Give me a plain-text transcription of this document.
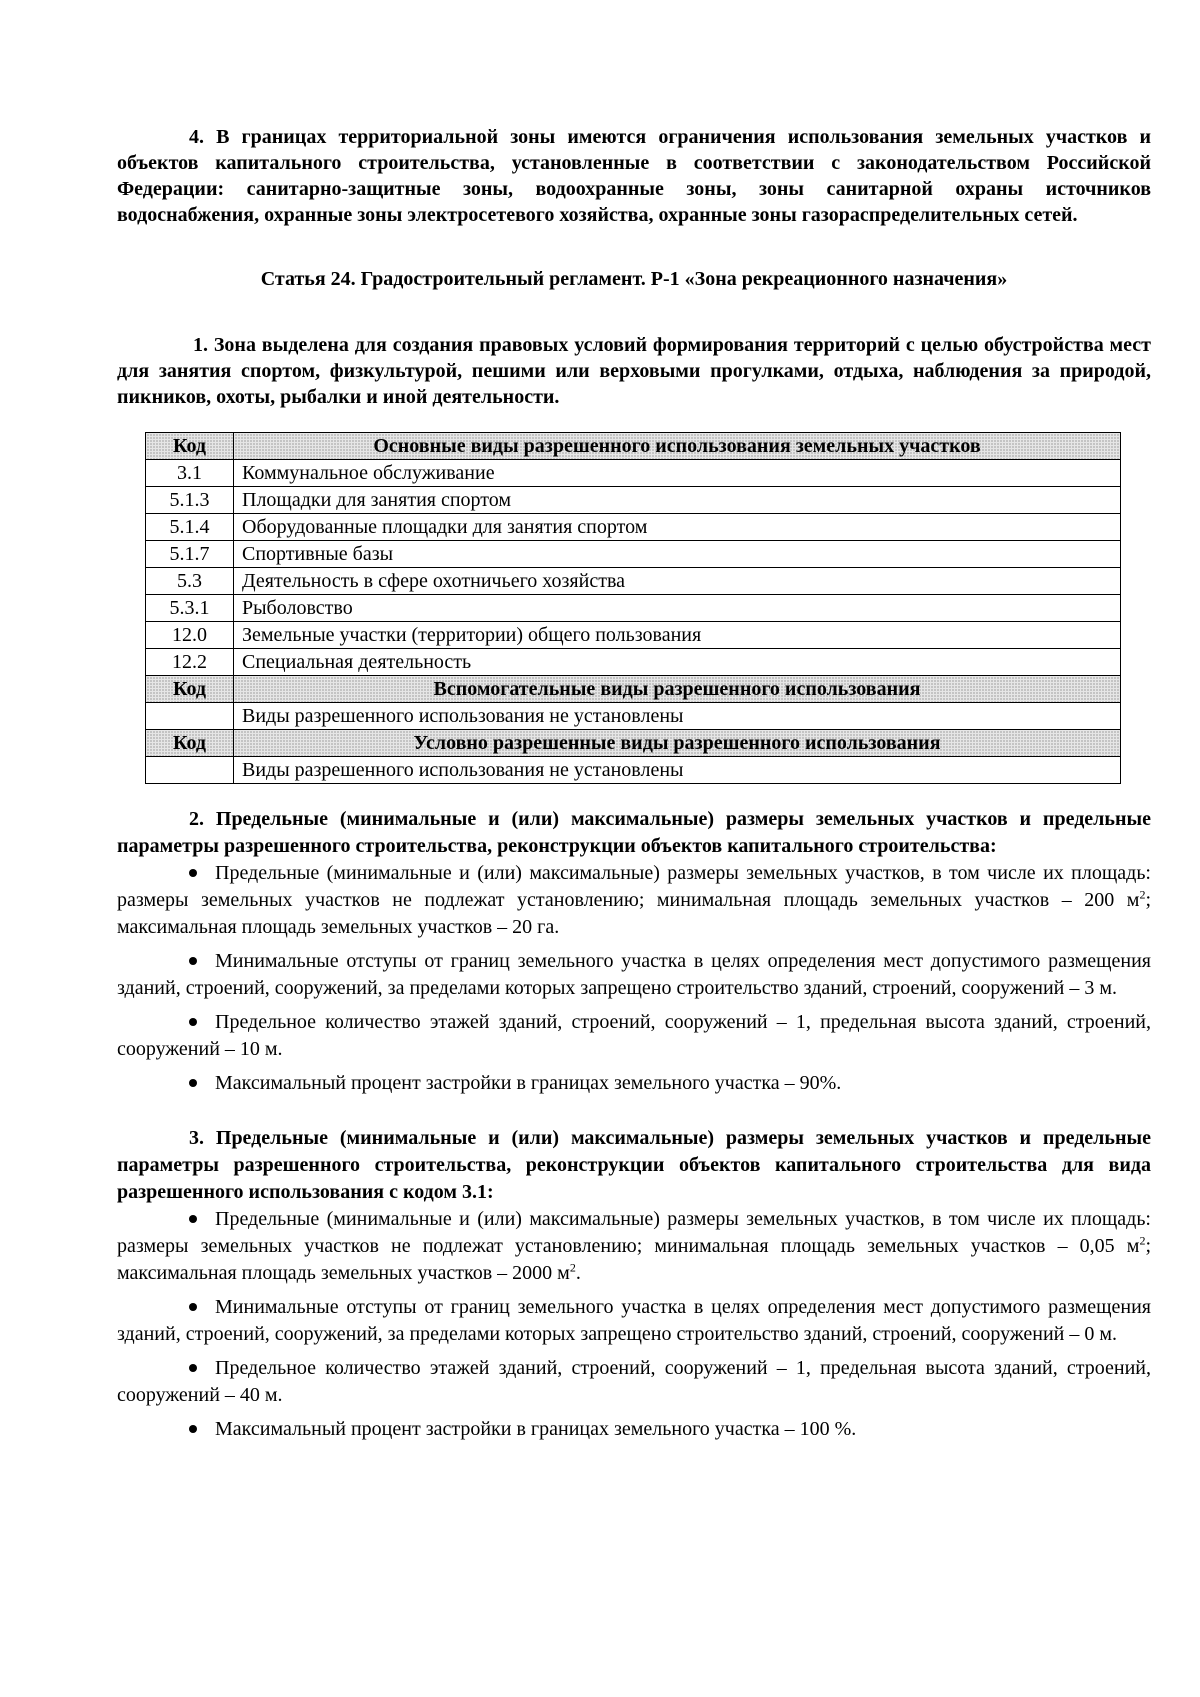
4. В границах территориальной зоны имеются ограничения использования земельных участков и объектов капитального строительства, установленные в соответствии с законодательством Российской Федерации: санитарно-защитные зоны, водоохранные зоны, зоны санитарной охраны источников водоснабжения, охранные зоны электросетевого хозяйства, охранные зоны газораспределительных сетей.

Статья 24. Градостроительный регламент. Р-1 «Зона рекреационного назначения»

1. Зона выделена для создания правовых условий формирования территорий с целью обустройства мест для занятия спортом, физкультурой, пешими или верховыми прогулками, отдыха, наблюдения за природой, пикников, охоты, рыбалки и иной деятельности.

Код	Основные виды разрешенного использования земельных участков
3.1	Коммунальное обслуживание
5.1.3	Площадки для занятия спортом
5.1.4	Оборудованные площадки для занятия спортом
5.1.7	Спортивные базы
5.3	Деятельность в сфере охотничьего хозяйства
5.3.1	Рыболовство
12.0	Земельные участки (территории) общего пользования
12.2	Специальная деятельность
Код	Вспомогательные виды разрешенного использования
	Виды разрешенного использования не установлены
Код	Условно разрешенные виды разрешенного использования
	Виды разрешенного использования не установлены

2. Предельные (минимальные и (или) максимальные) размеры земельных участков и предельные параметры разрешенного строительства, реконструкции объектов капитального строительства:

Предельные (минимальные и (или) максимальные) размеры земельных участков, в том числе их площадь: размеры земельных участков не подлежат установлению; минимальная площадь земельных участков – 200 $м^2$; максимальная площадь земельных участков – 20 га.

Минимальные отступы от границ земельного участка в целях определения мест допустимого размещения зданий, строений, сооружений, за пределами которых запрещено строительство зданий, строений, сооружений – 3 м.

Предельное количество этажей зданий, строений, сооружений – 1, предельная высота зданий, строений, сооружений – 10 м.

Максимальный процент застройки в границах земельного участка – 90%.

3. Предельные (минимальные и (или) максимальные) размеры земельных участков и предельные параметры разрешенного строительства, реконструкции объектов капитального строительства для вида разрешенного использования с кодом 3.1:

Предельные (минимальные и (или) максимальные) размеры земельных участков, в том числе их площадь: размеры земельных участков не подлежат установлению; минимальная площадь земельных участков – 0,05 $м^2$; максимальная площадь земельных участков – 2000 $м^2$.

Минимальные отступы от границ земельного участка в целях определения мест допустимого размещения зданий, строений, сооружений, за пределами которых запрещено строительство зданий, строений, сооружений – 0 м.

Предельное количество этажей зданий, строений, сооружений – 1, предельная высота зданий, строений, сооружений – 40 м.

Максимальный процент застройки в границах земельного участка – 100 %.
